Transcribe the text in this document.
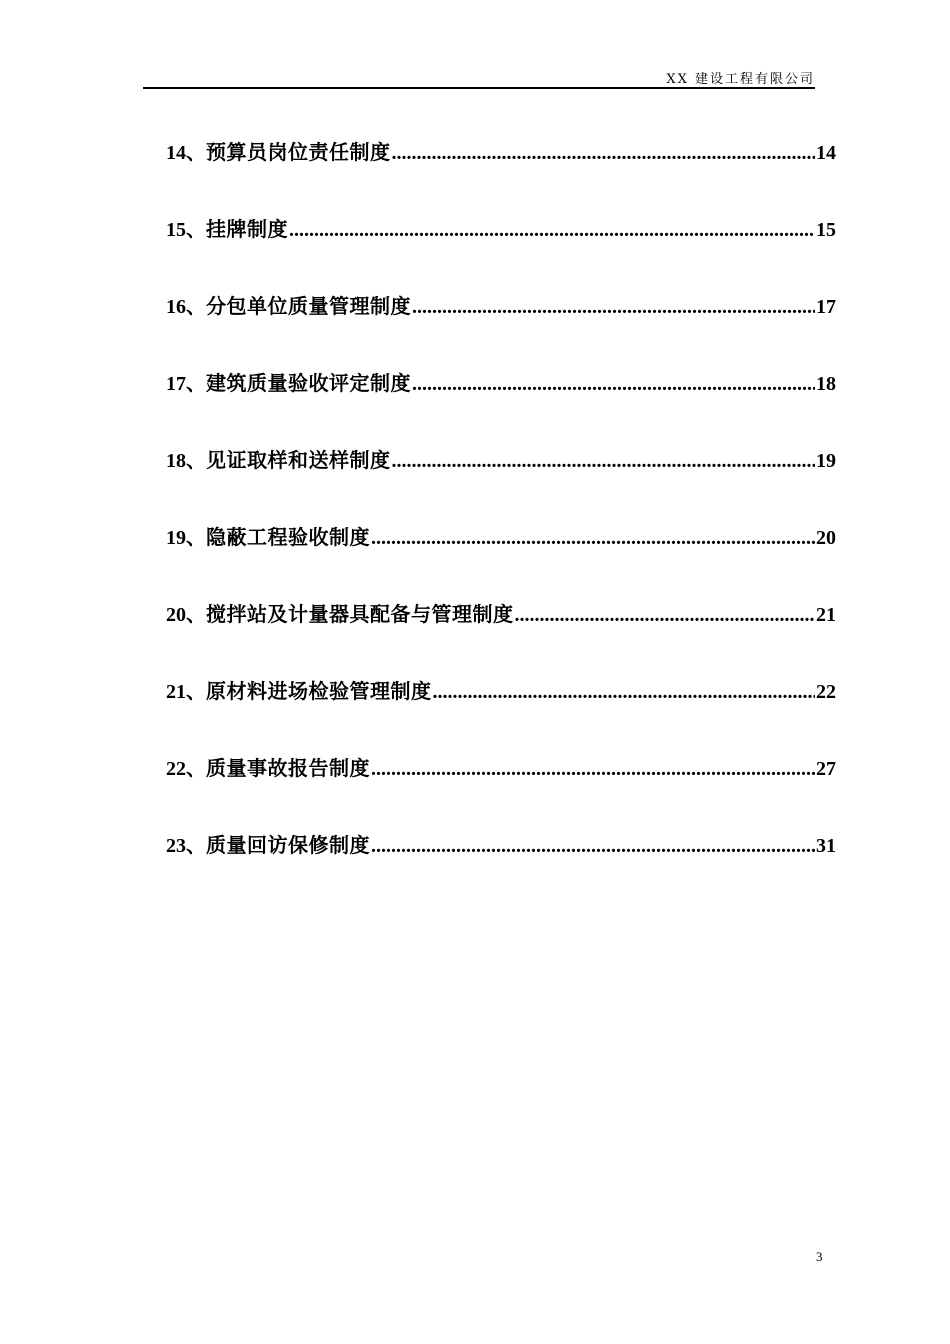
XX 建设工程有限公司
14、 预算员岗位责任制度 .....	14
15、 挂牌制度 .....	15
16、 分包单位质量管理制度 .....	17
17、 建筑质量验收评定制度 .....	18
18、 见证取样和送样制度 .....	19
19、 隐蔽工程验收制度 .....	20
20、 搅拌站及计量器具配备与管理制度 .....	21
21、 原材料进场检验管理制度 .....	22
22、 质量事故报告制度 .....	27
23、 质量回访保修制度 .....	31
3
